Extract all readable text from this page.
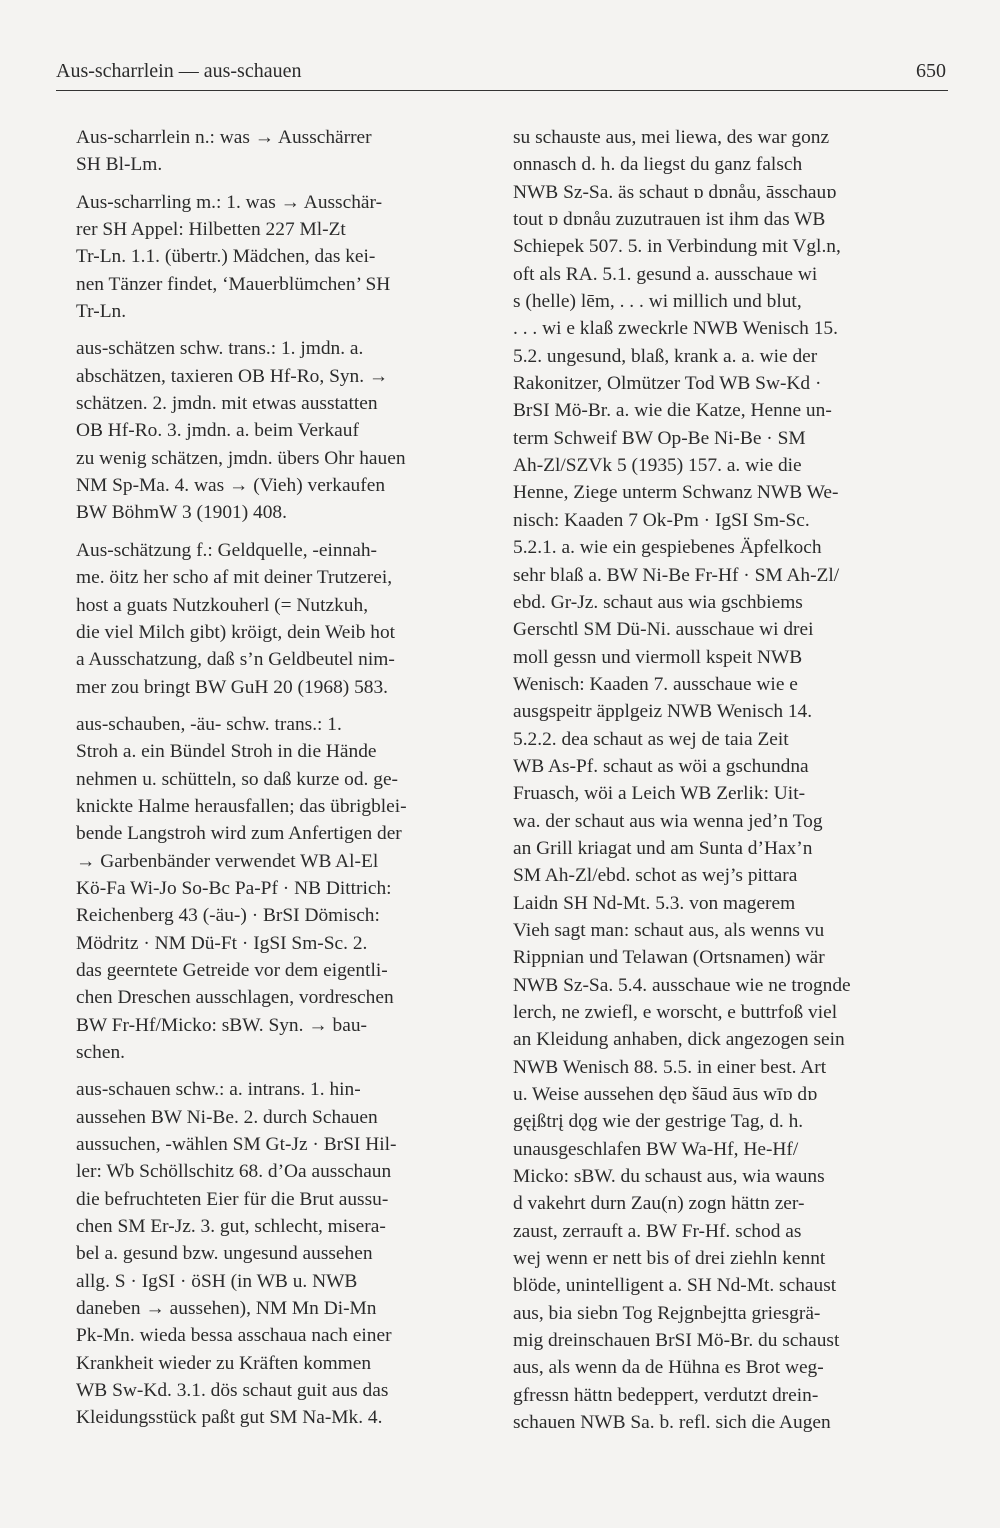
Aus-scharrlein — aus-schauen	650
Aus-scharrlein n.: was → Ausschärrer
SH Bl-Lm.
Aus-scharrling m.: 1. was → Ausschär-
rer SH Appel: Hilbetten 227 Ml-Zt
Tr-Ln. 1.1. (übertr.) Mädchen, das kei-
nen Tänzer findet, ‘Mauerblümchen’ SH
Tr-Ln.
aus-schätzen schw. trans.: 1. jmdn. a.
abschätzen, taxieren OB Hf-Ro, Syn. →
schätzen. 2. jmdn. mit etwas ausstatten
OB Hf-Ro. 3. jmdn. a. beim Verkauf
zu wenig schätzen, jmdn. übers Ohr hauen
NM Sp-Ma. 4. was → (Vieh) verkaufen
BW BöhmW 3 (1901) 408.
Aus-schätzung f.: Geldquelle, -einnah-
me. öitz her scho af mit deiner Trutzerei,
host a guats Nutzkouherl (= Nutzkuh,
die viel Milch gibt) kröigt, dein Weib hot
a Ausschatzung, daß s’n Geldbeutel nim-
mer zou bringt BW GuH 20 (1968) 583.
aus-schauben, -äu- schw. trans.: 1.
Stroh a. ein Bündel Stroh in die Hände
nehmen u. schütteln, so daß kurze od. ge-
knickte Halme herausfallen; das übrigblei-
bende Langstroh wird zum Anfertigen der
→ Garbenbänder verwendet WB Al-El
Kö-Fa Wi-Jo So-Bc Pa-Pf · NB Dittrich:
Reichenberg 43 (-äu-) · BrSI Dömisch:
Mödritz · NM Dü-Ft · IgSI Sm-Sc. 2.
das geerntete Getreide vor dem eigentli-
chen Dreschen ausschlagen, vordreschen
BW Fr-Hf/Micko: sBW. Syn. → bau-
schen.
aus-schauen schw.: a. intrans. 1. hin-
aussehen BW Ni-Be. 2. durch Schauen
aussuchen, -wählen SM Gt-Jz · BrSI Hil-
ler: Wb Schöllschitz 68. d’Oa ausschaun
die befruchteten Eier für die Brut aussu-
chen SM Er-Jz. 3. gut, schlecht, misera-
bel a. gesund bzw. ungesund aussehen
allg. S · IgSI · öSH (in WB u. NWB
daneben → aussehen), NM Mn Di-Mn
Pk-Mn. wieda bessa asschaua nach einer
Krankheit wieder zu Kräften kommen
WB Sw-Kd. 3.1. dös schaut guit aus das
Kleidungsstück paßt gut SM Na-Mk. 4.
su schauste aus, mei liewa, des war gonz
onnasch d. h. da liegst du ganz falsch
NWB Sz-Sa. äs schaut ɒ dɒnåu, āsschauɒ
tout ɒ dɒnåu zuzutrauen ist ihm das WB
Schiepek 507. 5. in Verbindung mit Vgl.n,
oft als RA. 5.1. gesund a. ausschaue wi
s (helle) lēm, . . . wi millich und blut,
. . . wi e klaß zweckrle NWB Wenisch 15.
5.2. ungesund, blaß, krank a. a. wie der
Rakonitzer, Olmützer Tod WB Sw-Kd ·
BrSI Mö-Br. a. wie die Katze, Henne un-
term Schweif BW Op-Be Ni-Be · SM
Ah-Zl/SZVk 5 (1935) 157. a. wie die
Henne, Ziege unterm Schwanz NWB We-
nisch: Kaaden 7 Ok-Pm · IgSI Sm-Sc.
5.2.1. a. wie ein gespiebenes Äpfelkoch
sehr blaß a. BW Ni-Be Fr-Hf · SM Ah-Zl/
ebd. Gr-Jz. schaut aus wia gschbiems
Gerschtl SM Dü-Ni. ausschaue wi drei
moll gessn und viermoll kspeit NWB
Wenisch: Kaaden 7. ausschaue wie e
ausgspeitr äpplgeiz NWB Wenisch 14.
5.2.2. dea schaut as wej de taia Zeit
WB As-Pf. schaut as wöi a gschundna
Fruasch, wöi a Leich WB Zerlik: Uit-
wa. der schaut aus wia wenna jed’n Tog
an Grill kriagat und am Sunta d’Hax’n
SM Ah-Zl/ebd. schot as wej’s pittara
Laidn SH Nd-Mt. 5.3. von magerem
Vieh sagt man: schaut aus, als wenns vu
Rippnian und Telawan (Ortsnamen) wär
NWB Sz-Sa. 5.4. ausschaue wie ne trognde
lerch, ne zwiefl, e worscht, e buttrfoß viel
an Kleidung anhaben, dick angezogen sein
NWB Wenisch 88. 5.5. in einer best. Art
u. Weise aussehen dęɒ šāud āus wīɒ dɒ
gęįßtrį dǫg wie der gestrige Tag, d. h.
unausgeschlafen BW Wa-Hf, He-Hf/
Micko: sBW. du schaust aus, wia wauns
d vakehrt durn Zau(n) zogn hättn zer-
zaust, zerrauft a. BW Fr-Hf. schod as
wej wenn er nett bis of drei ziehln kennt
blöde, unintelligent a. SH Nd-Mt. schaust
aus, bia siebn Tog Rejgnbejtta griesgrä-
mig dreinschauen BrSI Mö-Br. du schaust
aus, als wenn da de Hühna es Brot weg-
gfressn hättn bedeppert, verdutzt drein-
schauen NWB Sa. b. refl. sich die Augen
